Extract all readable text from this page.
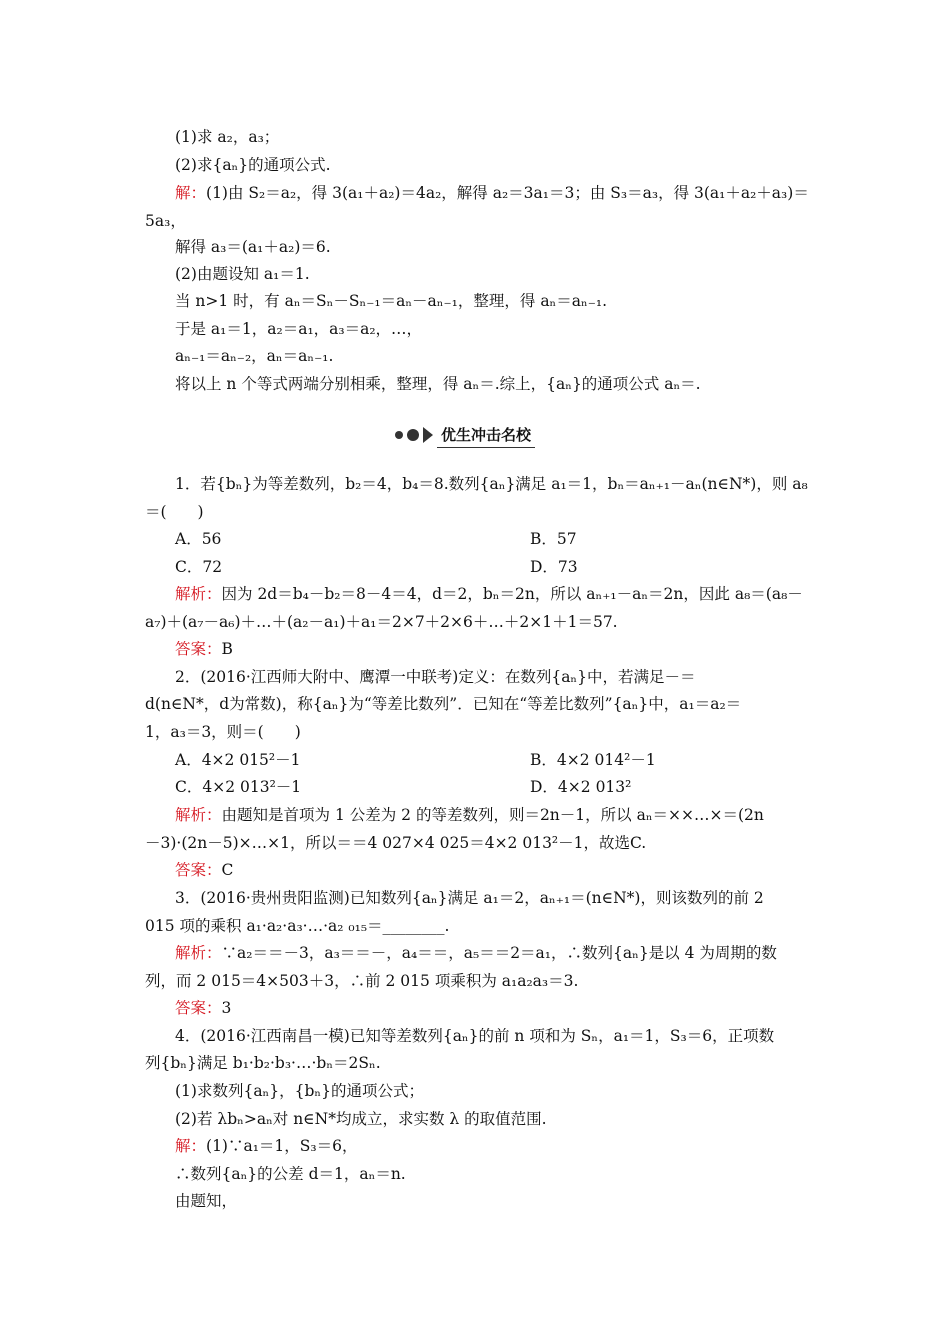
(1)求 a₂，a₃；
(2)求{aₙ}的通项公式.
解：(1)由 S₂＝a₂，得 3(a₁＋a₂)＝4a₂，解得 a₂＝3a₁＝3；由 S₃＝a₃，得 3(a₁＋a₂＋a₃)＝
5a₃，
解得 a₃＝(a₁＋a₂)＝6.
(2)由题设知 a₁＝1.
当 n>1 时，有 aₙ＝Sₙ－Sₙ₋₁＝aₙ－aₙ₋₁，整理，得 aₙ＝aₙ₋₁.
于是 a₁＝1，a₂＝a₁，a₃＝a₂，…，
aₙ₋₁＝aₙ₋₂，aₙ＝aₙ₋₁.
将以上 n 个等式两端分别相乘，整理，得 aₙ＝.综上，{aₙ}的通项公式 aₙ＝.
优生冲击名校
1．若{bₙ}为等差数列，b₂＝4，b₄＝8.数列{aₙ}满足 a₁＝1，bₙ＝aₙ₊₁－aₙ(n∈N*)，则 a₈
＝(　　)
A．56	B．57
C．72	D．73
解析：因为 2d＝b₄－b₂＝8－4＝4，d＝2，bₙ＝2n，所以 aₙ₊₁－aₙ＝2n，因此 a₈＝(a₈－
a₇)＋(a₇－a₆)＋…＋(a₂－a₁)＋a₁＝2×7＋2×6＋…＋2×1＋1＝57.
答案：B
2．(2016·江西师大附中、鹰潭一中联考)定义：在数列{aₙ}中，若满足－＝
d(n∈N*，d为常数)，称{aₙ}为“等差比数列”．已知在“等差比数列”{aₙ}中，a₁＝a₂＝
1，a₃＝3，则＝(　　)
A．4×2 015²－1	B．4×2 014²－1
C．4×2 013²－1	D．4×2 013²
解析：由题知是首项为 1 公差为 2 的等差数列，则＝2n－1，所以 aₙ＝××…×＝(2n
－3)·(2n－5)×…×1，所以＝＝4 027×4 025＝4×2 013²－1，故选C.
答案：C
3．(2016·贵州贵阳监测)已知数列{aₙ}满足 a₁＝2，aₙ₊₁＝(n∈N*)，则该数列的前 2
015 项的乘积 a₁·a₂·a₃·…·a₂ ₀₁₅＝________.
解析：∵a₂＝＝－3，a₃＝＝－，a₄＝＝，a₅＝＝2＝a₁，∴数列{aₙ}是以 4 为周期的数
列，而 2 015＝4×503＋3，∴前 2 015 项乘积为 a₁a₂a₃＝3.
答案：3
4．(2016·江西南昌一模)已知等差数列{aₙ}的前 n 项和为 Sₙ，a₁＝1，S₃＝6，正项数
列{bₙ}满足 b₁·b₂·b₃·…·bₙ＝2Sₙ.
(1)求数列{aₙ}，{bₙ}的通项公式；
(2)若 λbₙ>aₙ对 n∈N*均成立，求实数 λ 的取值范围.
解：(1)∵a₁＝1，S₃＝6，
∴数列{aₙ}的公差 d＝1，aₙ＝n.
由题知，
